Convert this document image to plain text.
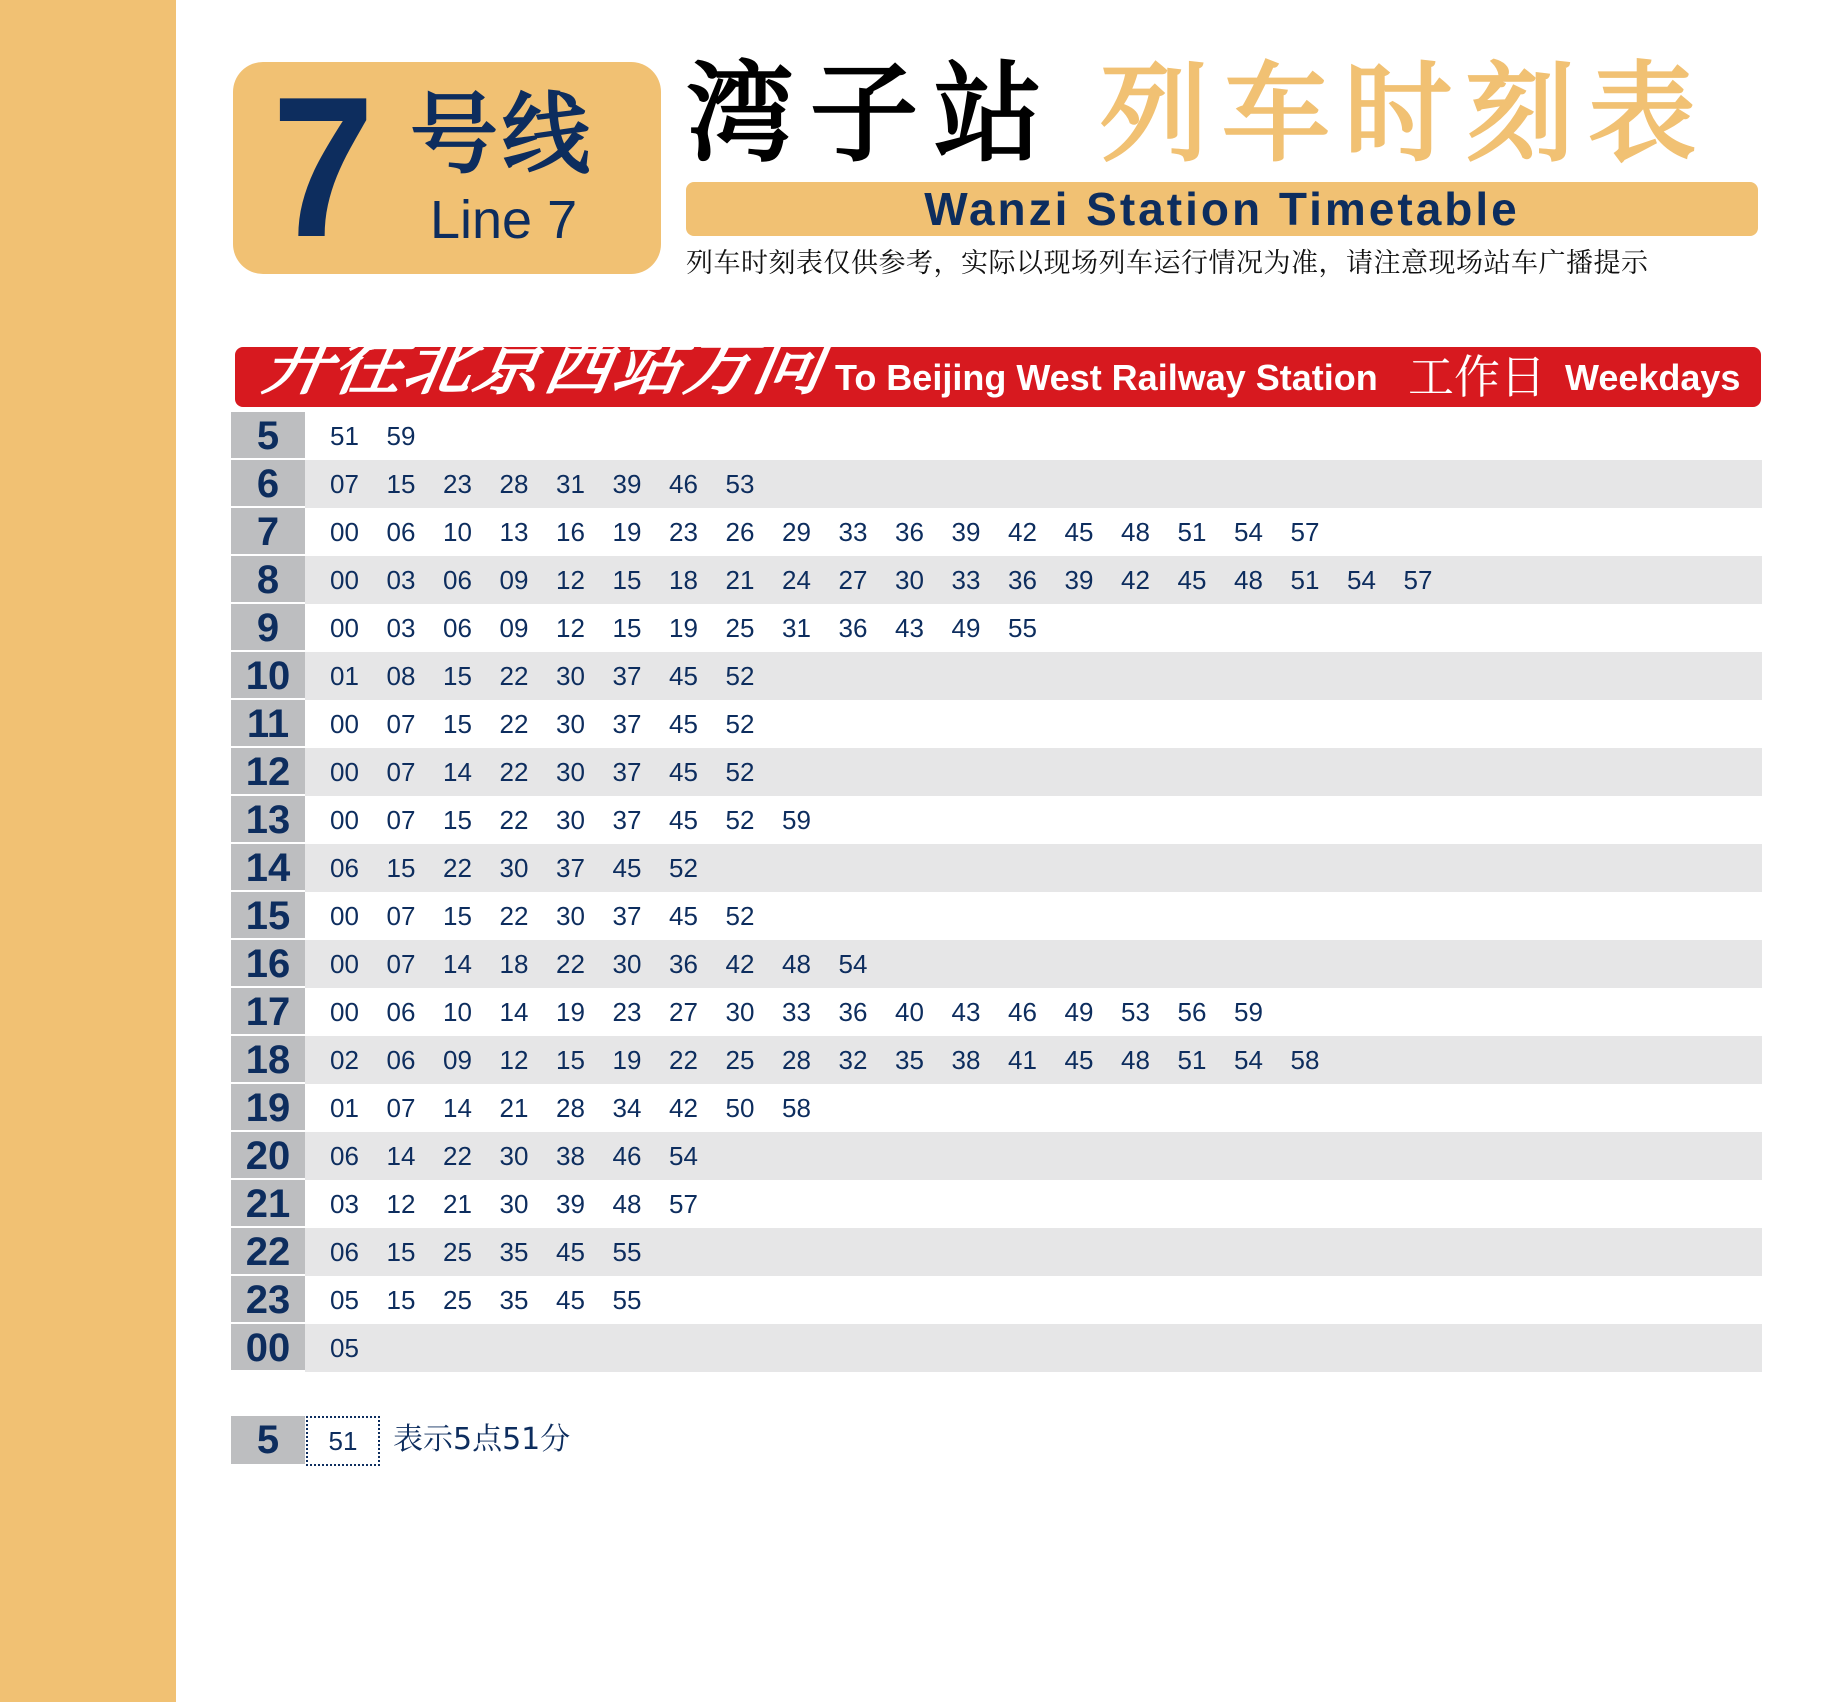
7 号线
Line 7
湾子站 列车时刻表
Wanzi Station Timetable
列车时刻表仅供参考，实际以现场列车运行情况为准，请注意现场站车广播提示
开往北京西站方向 To Beijing West Railway Station 工作日 Weekdays
5	51 59
6	07 15 23 28 31 39 46 53
7	00 06 10 13 16 19 23 26 29 33 36 39 42 45 48 51 54 57
8	00 03 06 09 12 15 18 21 24 27 30 33 36 39 42 45 48 51 54 57
9	00 03 06 09 12 15 19 25 31 36 43 49 55
10	01 08 15 22 30 37 45 52
11	00 07 15 22 30 37 45 52
12	00 07 14 22 30 37 45 52
13	00 07 15 22 30 37 45 52 59
14	06 15 22 30 37 45 52
15	00 07 15 22 30 37 45 52
16	00 07 14 18 22 30 36 42 48 54
17	00 06 10 14 19 23 27 30 33 36 40 43 46 49 53 56 59
18	02 06 09 12 15 19 22 25 28 32 35 38 41 45 48 51 54 58
19	01 07 14 21 28 34 42 50 58
20	06 14 22 30 38 46 54
21	03 12 21 30 39 48 57
22	06 15 25 35 45 55
23	05 15 25 35 45 55
00	05
5	51	表示5点51分
